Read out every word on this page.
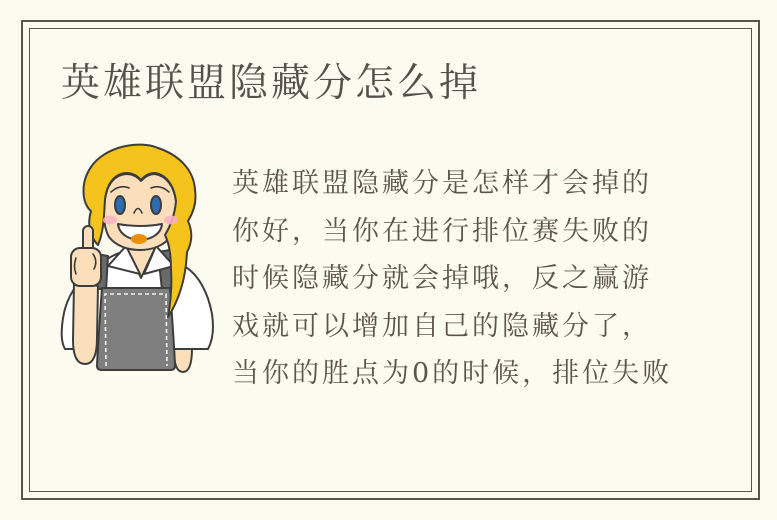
英雄联盟隐藏分怎么掉
英雄联盟隐藏分是怎样才会掉的
你好，当你在进行排位赛失败的
时候隐藏分就会掉哦，反之赢游
戏就可以增加自己的隐藏分了，
当你的胜点为0的时候，排位失败
